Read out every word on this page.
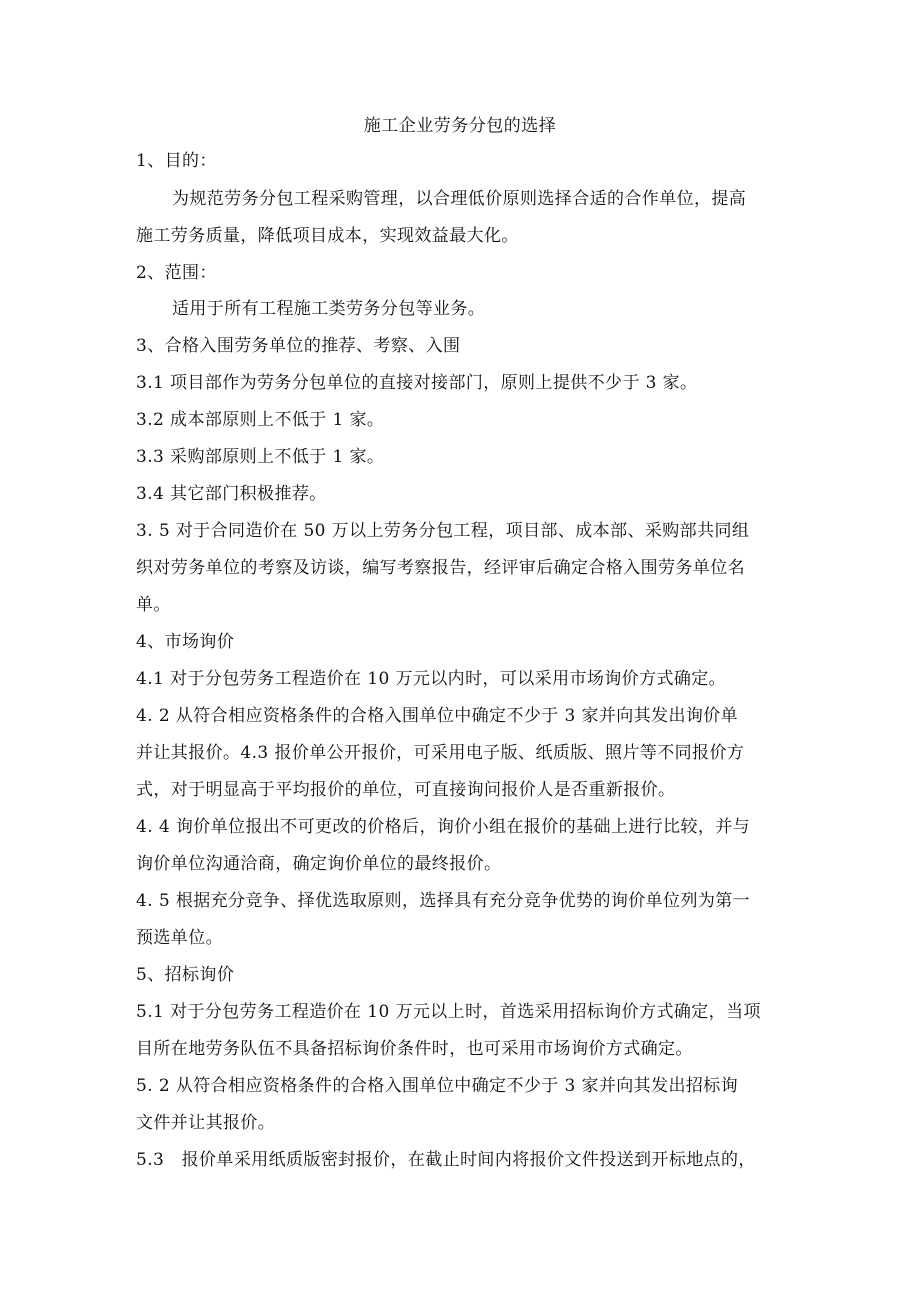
施工企业劳务分包的选择
1、目的：
为规范劳务分包工程采购管理，以合理低价原则选择合适的合作单位，提高
施工劳务质量，降低项目成本，实现效益最大化。
2、范围：
适用于所有工程施工类劳务分包等业务。
3、合格入围劳务单位的推荐、考察、入围
3.1 项目部作为劳务分包单位的直接对接部门，原则上提供不少于 3 家。
3.2 成本部原则上不低于 1 家。
3.3 采购部原则上不低于 1 家。
3.4 其它部门积极推荐。
3. 5 对于合同造价在 50 万以上劳务分包工程，项目部、成本部、采购部共同组
织对劳务单位的考察及访谈，编写考察报告，经评审后确定合格入围劳务单位名
单。
4、市场询价
4.1 对于分包劳务工程造价在 10 万元以内时，可以采用市场询价方式确定。
4. 2 从符合相应资格条件的合格入围单位中确定不少于 3 家并向其发出询价单
并让其报价。4.3 报价单公开报价，可采用电子版、纸质版、照片等不同报价方
式，对于明显高于平均报价的单位，可直接询问报价人是否重新报价。
4. 4 询价单位报出不可更改的价格后，询价小组在报价的基础上进行比较，并与
询价单位沟通洽商，确定询价单位的最终报价。
4. 5 根据充分竞争、择优选取原则，选择具有充分竞争优势的询价单位列为第一
预选单位。
5、招标询价
5.1 对于分包劳务工程造价在 10 万元以上时，首选采用招标询价方式确定，当项
目所在地劳务队伍不具备招标询价条件时，也可采用市场询价方式确定。
5. 2 从符合相应资格条件的合格入围单位中确定不少于 3 家并向其发出招标询
文件并让其报价。
5.3　报价单采用纸质版密封报价，在截止时间内将报价文件投送到开标地点的，
